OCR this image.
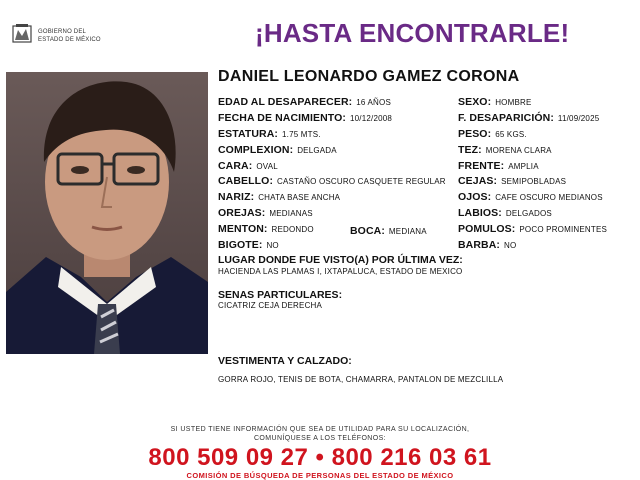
GOBIERNO DEL
ESTADO DE MÉXICO	¡HASTA ENCONTRARLE!
DANIEL LEONARDO GAMEZ CORONA
EDAD AL DESAPARECER: 16 AÑOS
FECHA DE NACIMIENTO: 10/12/2008
ESTATURA: 1.75 MTS.
COMPLEXION: DELGADA
CARA: OVAL
CABELLO: CASTAÑO OSCURO CASQUETE REGULAR
NARIZ: CHATA BASE ANCHA
OREJAS: MEDIANAS
MENTON: REDONDO	BOCA: MEDIANA
BIGOTE: NO
SEXO: HOMBRE
F. DESAPARICIÓN: 11/09/2025
PESO: 65 KGS.
TEZ: MORENA CLARA
FRENTE: AMPLIA
CEJAS: SEMIPOBLADAS
OJOS: CAFE OSCURO MEDIANOS
LABIOS: DELGADOS
POMULOS: POCO PROMINENTES
BARBA: NO
LUGAR DONDE FUE VISTO(A) POR ÚLTIMA VEZ:
HACIENDA LAS PLAMAS I, IXTAPALUCA, ESTADO DE MEXICO
SENAS PARTICULARES:
CICATRIZ CEJA DERECHA
VESTIMENTA Y CALZADO:
GORRA ROJO, TENIS DE BOTA, CHAMARRA, PANTALON DE MEZCLILLA
SI USTED TIENE INFORMACIÓN QUE SEA DE UTILIDAD PARA SU LOCALIZACIÓN,
COMUNÍQUESE A LOS TELÉFONOS:
800 509 09 27 • 800 216 03 61
COMISIÓN DE BÚSQUEDA DE PERSONAS DEL ESTADO DE MÉXICO
